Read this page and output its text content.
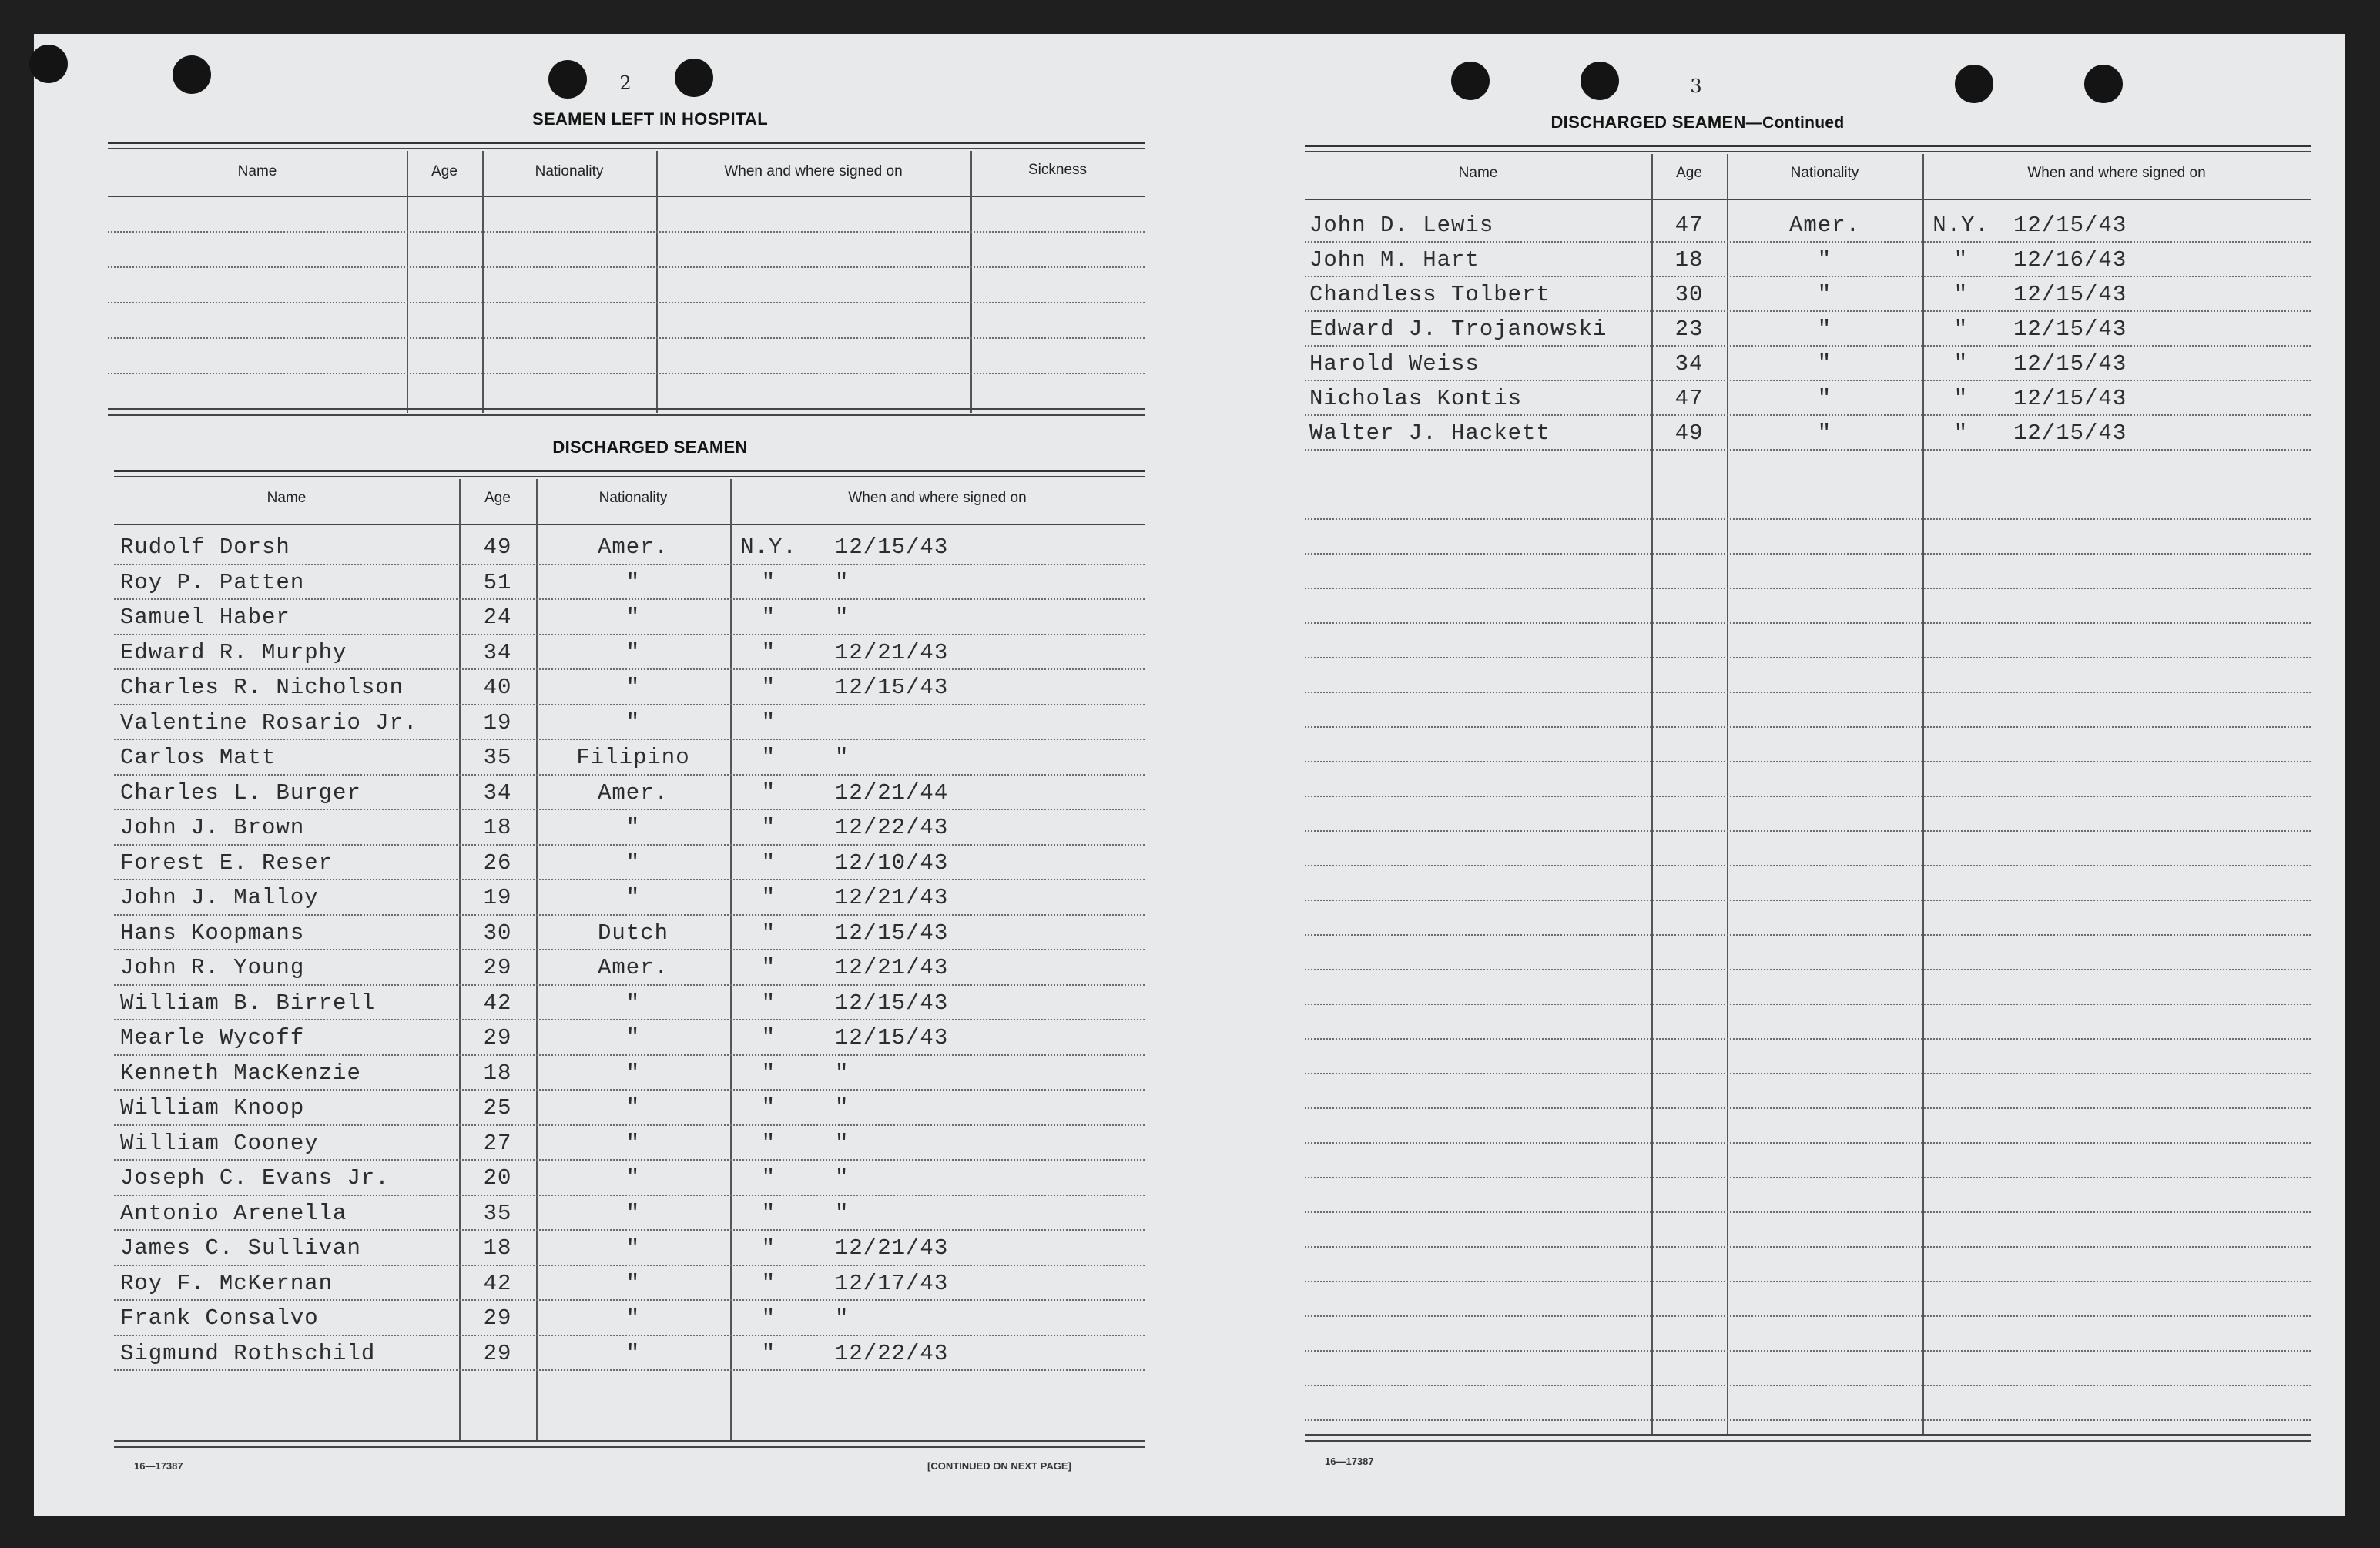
2
SEAMEN LEFT IN HOSPITAL
Name	Age	Nationality	When and where signed on	Sickness
DISCHARGED SEAMEN
Name	Age	Nationality	When and where signed on
Rudolf Dorsh	49	Amer.	N.Y.	12/15/43
Roy P. Patten	51	"	"	"
Samuel Haber	24	"	"	"
Edward R. Murphy	34	"	"	12/21/43
Charles R. Nicholson	40	"	"	12/15/43
Valentine Rosario Jr.	19	"	"
Carlos Matt	35	Filipino	"	"
Charles L. Burger	34	Amer.	"	12/21/44
John J. Brown	18	"	"	12/22/43
Forest E. Reser	26	"	"	12/10/43
John J. Malloy	19	"	"	12/21/43
Hans Koopmans	30	Dutch	"	12/15/43
John R. Young	29	Amer.	"	12/21/43
William B. Birrell	42	"	"	12/15/43
Mearle Wycoff	29	"	"	12/15/43
Kenneth MacKenzie	18	"	"	"
William Knoop	25	"	"	"
William Cooney	27	"	"	"
Joseph C. Evans Jr.	20	"	"	"
Antonio Arenella	35	"	"	"
James C. Sullivan	18	"	"	12/21/43
Roy F. McKernan	42	"	"	12/17/43
Frank Consalvo	29	"	"	"
Sigmund Rothschild	29	"	"	12/22/43
16—17387	[CONTINUED ON NEXT PAGE]
3
DISCHARGED SEAMEN—Continued
Name	Age	Nationality	When and where signed on
John D. Lewis	47	Amer.	N.Y.	12/15/43
John M. Hart	18	"	"	12/16/43
Chandless Tolbert	30	"	"	12/15/43
Edward J. Trojanowski	23	"	"	12/15/43
Harold Weiss	34	"	"	12/15/43
Nicholas Kontis	47	"	"	12/15/43
Walter J. Hackett	49	"	"	12/15/43
16—17387
